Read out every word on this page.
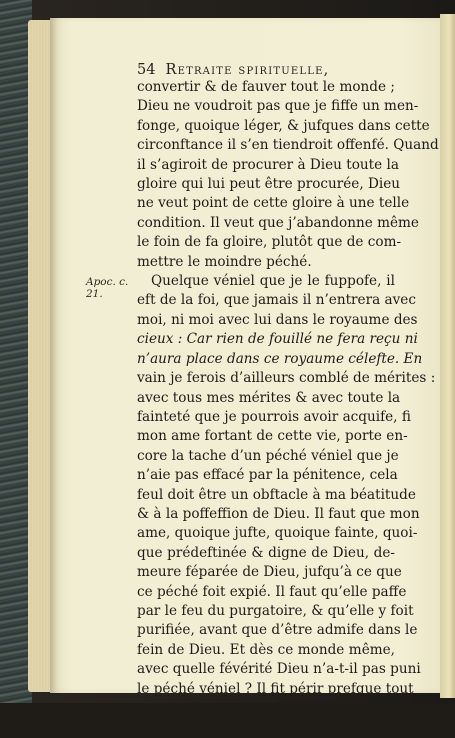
54 Retraite spirituelle,
Apoc. c. 21.
convertir & de fauver tout le monde ;
Dieu ne voudroit pas que je fiffe un men-
fonge, quoique léger, & jufques dans cette
circonftance il s’en tiendroit offenfé. Quand
il s’agiroit de procurer à Dieu toute la
gloire qui lui peut être procurée, Dieu
ne veut point de cette gloire à une telle
condition. Il veut que j’abandonne même
le foin de fa gloire, plutôt que de com-
mettre le moindre péché.
Quelque véniel que je le fuppofe, il
eft de la foi, que jamais il n’entrera avec
moi, ni moi avec lui dans le royaume des
cieux : Car rien de fouillé ne fera reçu ni
n’aura place dans ce royaume célefte. En
vain je ferois d’ailleurs comblé de mérites :
avec tous mes mérites & avec toute la
fainteté que je pourrois avoir acquife, fi
mon ame fortant de cette vie, porte en-
core la tache d’un péché véniel que je
n’aie pas effacé par la pénitence, cela
feul doit être un obftacle à ma béatitude
& à la poffeffion de Dieu. Il faut que mon
ame, quoique jufte, quoique fainte, quoi-
que prédeftinée & digne de Dieu, de-
meure féparée de Dieu, jufqu’à ce que
ce péché foit expié. Il faut qu’elle paffe
par le feu du purgatoire, & qu’elle y foit
purifiée, avant que d’être admife dans le
fein de Dieu. Et dès ce monde même,
avec quelle févérité Dieu n’a-t-il pas puni
le péché véniel ? Il fit périr prefque tout
un peuple pour une fimple vanité de Da-
vid : il fit tomber mort au pied de l’arche
